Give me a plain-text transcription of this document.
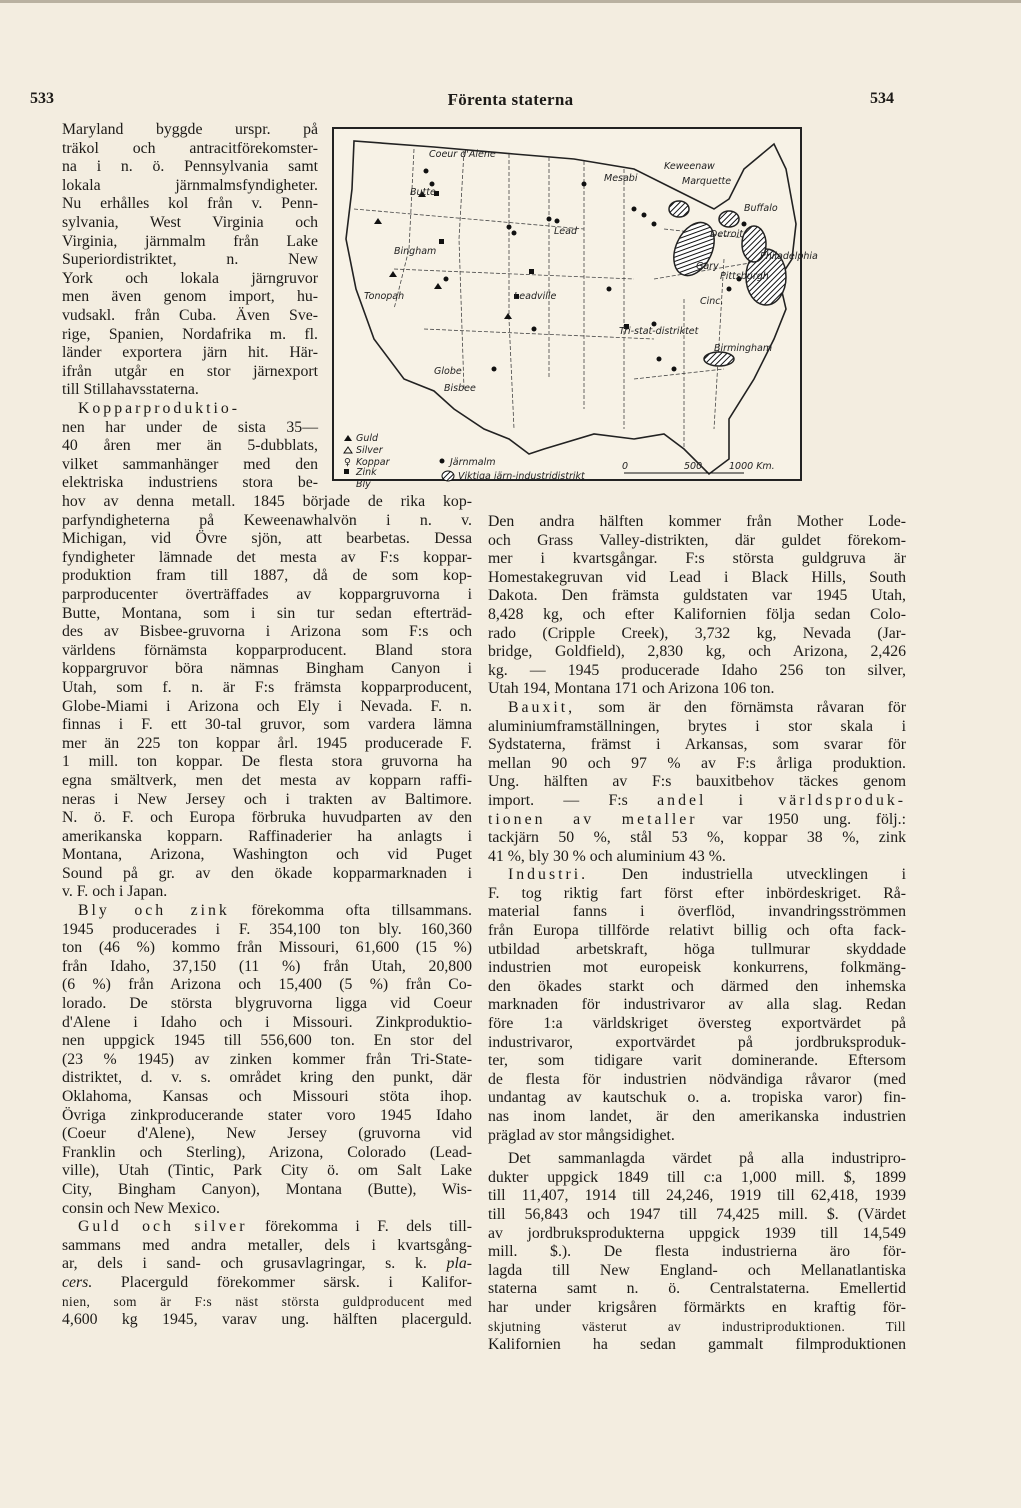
533	Förenta staterna	534
Coeur d'Alene
Butte
Mesabi
Keweenaw
Marquette
Lead
Bingham
Tonopah	Leadville
Detroit
Gary
Pittsburgh
Buffalo
Philadelphia
Cinc.
Tri-stat-distriktet
Birmingham
Globe
Bisbee
Guld
Silver
♀ Koppar
Zink
Bly
Järnmalm
Viktiga järn-industridistrikt
0	500	1000 Km.
Maryland byggde urspr. på
träkol och antracitförekomster-
na i n. ö. Pennsylvania samt
lokala järnmalmsfyndigheter.
Nu erhålles kol från v. Penn-
sylvania, West Virginia och
Virginia, järnmalm från Lake
Superiordistriktet, n. New
York och lokala järngruvor
men även genom import, hu-
vudsakl. från Cuba. Även Sve-
rige, Spanien, Nordafrika m. fl.
länder exportera järn hit. Här-
ifrån utgår en stor järnexport
till Stillahavsstaterna.
Kopparproduktio-
nen har under de sista 35—
40 åren mer än 5-dubblats,
vilket sammanhänger med den
elektriska industriens stora be-
hov av denna metall. 1845 började de rika kop-
parfyndigheterna på Keweenawhalvön i n. v.
Michigan, vid Övre sjön, att bearbetas. Dessa
fyndigheter lämnade det mesta av F:s koppar-
produktion fram till 1887, då de som kop-
parproducenter överträffades av koppargruvorna i
Butte, Montana, som i sin tur sedan efterträd-
des av Bisbee-gruvorna i Arizona som F:s och
världens förnämsta kopparproducent. Bland stora
koppargruvor böra nämnas Bingham Canyon i
Utah, som f. n. är F:s främsta kopparproducent,
Globe-Miami i Arizona och Ely i Nevada. F. n.
finnas i F. ett 30-tal gruvor, som vardera lämna
mer än 225 ton koppar årl. 1945 producerade F.
1 mill. ton koppar. De flesta stora gruvorna ha
egna smältverk, men det mesta av kopparn raffi-
neras i New Jersey och i trakten av Baltimore.
N. ö. F. och Europa förbruka huvudparten av den
amerikanska kopparn. Raffinaderier ha anlagts i
Montana, Arizona, Washington och vid Puget
Sound på gr. av den ökade kopparmarknaden i
v. F. och i Japan.
Bly och zink förekomma ofta tillsammans.
1945 producerades i F. 354,100 ton bly. 160,360
ton (46 %) kommo från Missouri, 61,600 (15 %)
från Idaho, 37,150 (11 %) från Utah, 20,800
(6 %) från Arizona och 15,400 (5 %) från Co-
lorado. De största blygruvorna ligga vid Coeur
d'Alene i Idaho och i Missouri. Zinkproduktio-
nen uppgick 1945 till 556,600 ton. En stor del
(23 % 1945) av zinken kommer från Tri-State-
distriktet, d. v. s. området kring den punkt, där
Oklahoma, Kansas och Missouri stöta ihop.
Övriga zinkproducerande stater voro 1945 Idaho
(Coeur d'Alene), New Jersey (gruvorna vid
Franklin och Sterling), Arizona, Colorado (Lead-
ville), Utah (Tintic, Park City ö. om Salt Lake
City, Bingham Canyon), Montana (Butte), Wis-
consin och New Mexico.
Guld och silver förekomma i F. dels till-
sammans med andra metaller, dels i kvartsgång-
ar, dels i sand- och grusavlagringar, s. k. pla-
cers. Placerguld förekommer särsk. i Kalifor-
nien, som är F:s näst största guldproducent med
4,600 kg 1945, varav ung. hälften placerguld.
Den andra hälften kommer från Mother Lode-
och Grass Valley-distrikten, där guldet förekom-
mer i kvartsgångar. F:s största guldgruva är
Homestakegruvan vid Lead i Black Hills, South
Dakota. Den främsta guldstaten var 1945 Utah,
8,428 kg, och efter Kalifornien följa sedan Colo-
rado (Cripple Creek), 3,732 kg, Nevada (Jar-
bridge, Goldfield), 2,830 kg, och Arizona, 2,426
kg. — 1945 producerade Idaho 256 ton silver,
Utah 194, Montana 171 och Arizona 106 ton.
Bauxit, som är den förnämsta råvaran för
aluminiumframställningen, brytes i stor skala i
Sydstaterna, främst i Arkansas, som svarar för
mellan 90 och 97 % av F:s årliga produktion.
Ung. hälften av F:s bauxitbehov täckes genom
import. — F:s andel i världsproduk-
tionen av metaller var 1950 ung. följ.:
tackjärn 50 %, stål 53 %, koppar 38 %, zink
41 %, bly 30 % och aluminium 43 %.
Industri. Den industriella utvecklingen i
F. tog riktig fart först efter inbördeskriget. Rå-
material fanns i överflöd, invandringsströmmen
från Europa tillförde relativt billig och ofta fack-
utbildad arbetskraft, höga tullmurar skyddade
industrien mot europeisk konkurrens, folkmäng-
den ökades starkt och därmed den inhemska
marknaden för industrivaror av alla slag. Redan
före 1:a världskriget översteg exportvärdet på
industrivaror, exportvärdet på jordbruksproduk-
ter, som tidigare varit dominerande. Eftersom
de flesta för industrien nödvändiga råvaror (med
undantag av kautschuk o. a. tropiska varor) fin-
nas inom landet, är den amerikanska industrien
präglad av stor mångsidighet.
Det sammanlagda värdet på alla industripro-
dukter uppgick 1849 till c:a 1,000 mill. $, 1899
till 11,407, 1914 till 24,246, 1919 till 62,418, 1939
till 56,843 och 1947 till 74,425 mill. $. (Värdet
av jordbruksprodukterna uppgick 1939 till 14,549
mill. $.). De flesta industrierna äro för-
lagda till New England- och Mellanatlantiska
staterna samt n. ö. Centralstaterna. Emellertid
har under krigsåren förmärkts en kraftig för-
skjutning västerut av industriproduktionen. Till
Kalifornien ha sedan gammalt filmproduktionen
